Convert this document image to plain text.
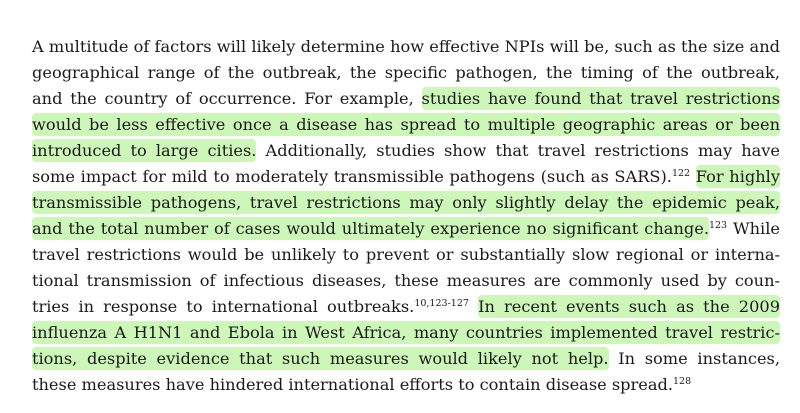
A multitude of factors will likely determine how effective NPIs will be, such as the size and
geographical range of the outbreak, the specific pathogen, the timing of the outbreak,
and the country of occurrence. For example, studies have found that travel restrictions
would be less effective once a disease has spread to multiple geographic areas or been
introduced to large cities. Additionally, studies show that travel restrictions may have
some impact for mild to moderately transmissible pathogens (such as SARS).$^{122}$ For highly
transmissible pathogens, travel restrictions may only slightly delay the epidemic peak,
and the total number of cases would ultimately experience no significant change.$^{123}$ While
travel restrictions would be unlikely to prevent or substantially slow regional or interna-
tional transmission of infectious diseases, these measures are commonly used by coun-
tries in response to international outbreaks.$^{10,123-127}$ In recent events such as the 2009
influenza A H1N1 and Ebola in West Africa, many countries implemented travel restric-
tions, despite evidence that such measures would likely not help. In some instances,
these measures have hindered international efforts to contain disease spread.$^{128}$
